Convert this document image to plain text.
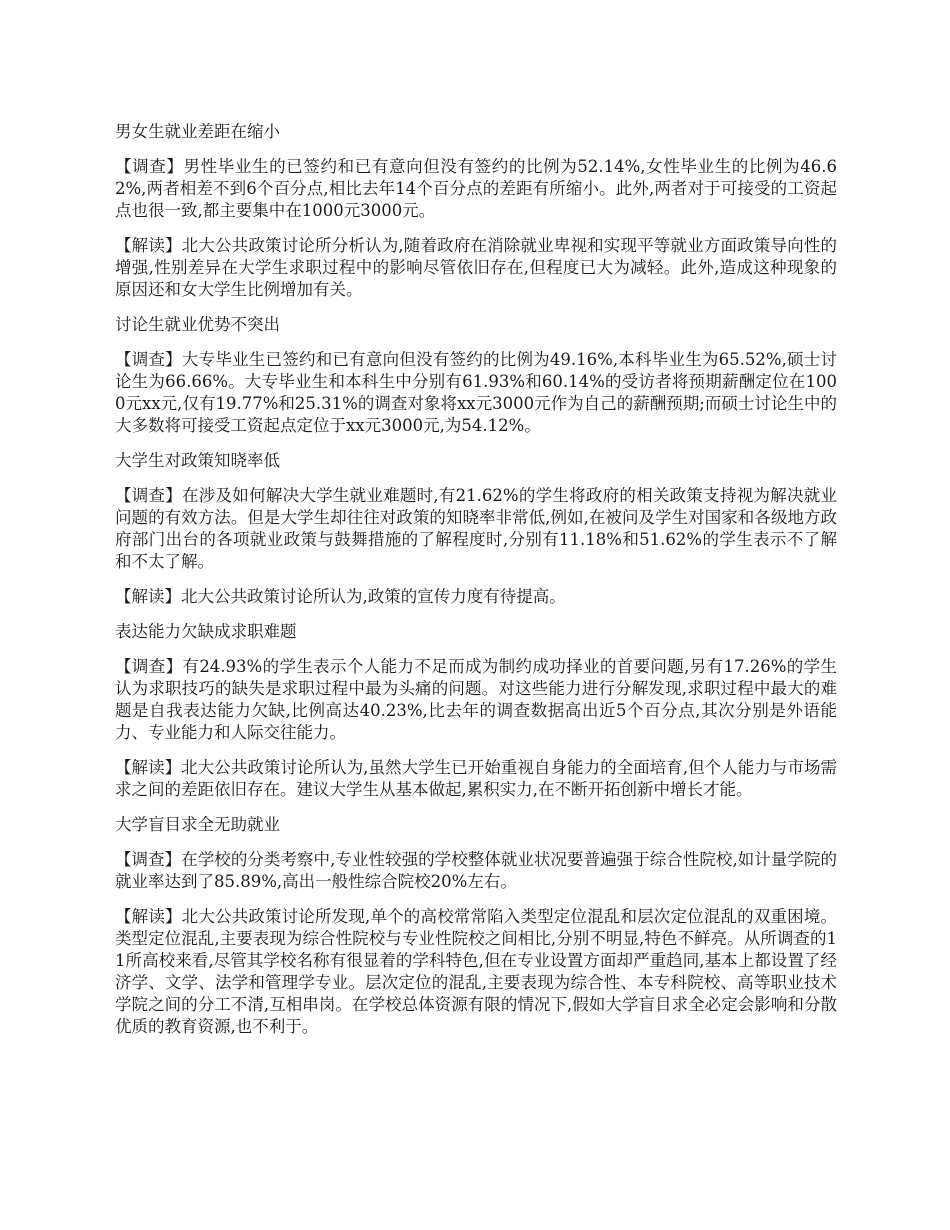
男女生就业差距在缩小

【调查】男性毕业生的已签约和已有意向但没有签约的比例为52.14%,女性毕业生的比例为46.62%,两者相差不到6个百分点,相比去年14个百分点的差距有所缩小。此外,两者对于可接受的工资起点也很一致,都主要集中在1000元3000元。

【解读】北大公共政策讨论所分析认为,随着政府在消除就业卑视和实现平等就业方面政策导向性的增强,性别差异在大学生求职过程中的影响尽管依旧存在,但程度已大为减轻。此外,造成这种现象的原因还和女大学生比例增加有关。

讨论生就业优势不突出

【调查】大专毕业生已签约和已有意向但没有签约的比例为49.16%,本科毕业生为65.52%,硕士讨论生为66.66%。大专毕业生和本科生中分别有61.93%和60.14%的受访者将预期薪酬定位在1000元xx元,仅有19.77%和25.31%的调查对象将xx元3000元作为自己的薪酬预期;而硕士讨论生中的大多数将可接受工资起点定位于xx元3000元,为54.12%。

大学生对政策知晓率低

【调查】在涉及如何解决大学生就业难题时,有21.62%的学生将政府的相关政策支持视为解决就业问题的有效方法。但是大学生却往往对政策的知晓率非常低,例如,在被问及学生对国家和各级地方政府部门出台的各项就业政策与鼓舞措施的了解程度时,分别有11.18%和51.62%的学生表示不了解和不太了解。

【解读】北大公共政策讨论所认为,政策的宣传力度有待提高。

表达能力欠缺成求职难题

【调查】有24.93%的学生表示个人能力不足而成为制约成功择业的首要问题,另有17.26%的学生认为求职技巧的缺失是求职过程中最为头痛的问题。对这些能力进行分解发现,求职过程中最大的难题是自我表达能力欠缺,比例高达40.23%,比去年的调查数据高出近5个百分点,其次分别是外语能力、专业能力和人际交往能力。

【解读】北大公共政策讨论所认为,虽然大学生已开始重视自身能力的全面培育,但个人能力与市场需求之间的差距依旧存在。建议大学生从基本做起,累积实力,在不断开拓创新中增长才能。

大学盲目求全无助就业

【调查】在学校的分类考察中,专业性较强的学校整体就业状况要普遍强于综合性院校,如计量学院的就业率达到了85.89%,高出一般性综合院校20%左右。

【解读】北大公共政策讨论所发现,单个的高校常常陷入类型定位混乱和层次定位混乱的双重困境。类型定位混乱,主要表现为综合性院校与专业性院校之间相比,分别不明显,特色不鲜亮。从所调查的11所高校来看,尽管其学校名称有很显着的学科特色,但在专业设置方面却严重趋同,基本上都设置了经济学、文学、法学和管理学专业。层次定位的混乱,主要表现为综合性、本专科院校、高等职业技术学院之间的分工不清,互相串岗。在学校总体资源有限的情况下,假如大学盲目求全必定会影响和分散优质的教育资源,也不利于。
